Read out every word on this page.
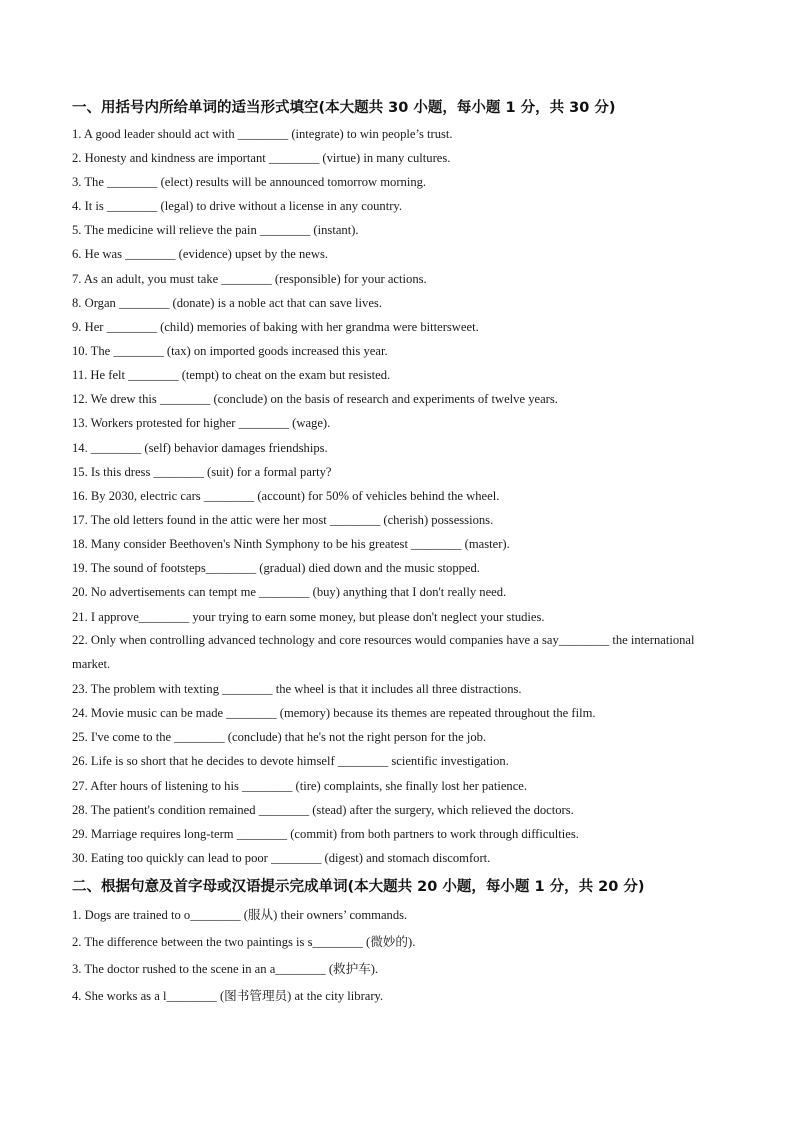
一、用括号内所给单词的适当形式填空(本大题共 30 小题，每小题 1 分，共 30 分)
1. A good leader should act with ________ (integrate) to win people’s trust.
2. Honesty and kindness are important ________ (virtue) in many cultures.
3. The ________ (elect) results will be announced tomorrow morning.
4. It is ________ (legal) to drive without a license in any country.
5. The medicine will relieve the pain ________ (instant).
6. He was ________ (evidence) upset by the news.
7. As an adult, you must take ________ (responsible) for your actions.
8. Organ ________ (donate) is a noble act that can save lives.
9. Her ________ (child) memories of baking with her grandma were bittersweet.
10. The ________ (tax) on imported goods increased this year.
11. He felt ________ (tempt) to cheat on the exam but resisted.
12. We drew this ________ (conclude) on the basis of research and experiments of twelve years.
13. Workers protested for higher ________ (wage).
14. ________ (self) behavior damages friendships.
15. Is this dress ________ (suit) for a formal party?
16. By 2030, electric cars ________ (account) for 50% of vehicles behind the wheel.
17. The old letters found in the attic were her most ________ (cherish) possessions.
18. Many consider Beethoven's Ninth Symphony to be his greatest ________ (master).
19. The sound of footsteps________ (gradual) died down and the music stopped.
20. No advertisements can tempt me ________ (buy) anything that I don't really need.
21. I approve________ your trying to earn some money, but please don't neglect your studies.
22. Only when controlling advanced technology and core resources would companies have a say________ the international market.
23. The problem with texting ________ the wheel is that it includes all three distractions.
24. Movie music can be made ________ (memory) because its themes are repeated throughout the film.
25. I've come to the ________ (conclude) that he's not the right person for the job.
26. Life is so short that he decides to devote himself ________ scientific investigation.
27. After hours of listening to his ________ (tire) complaints, she finally lost her patience.
28. The patient's condition remained ________ (stead) after the surgery, which relieved the doctors.
29. Marriage requires long-term ________ (commit) from both partners to work through difficulties.
30. Eating too quickly can lead to poor ________ (digest) and stomach discomfort.
二、根据句意及首字母或汉语提示完成单词(本大题共 20 小题，每小题 1 分，共 20 分)
1. Dogs are trained to o________ (服从) their owners’ commands.
2. The difference between the two paintings is s________ (微妙的).
3. The doctor rushed to the scene in an a________ (救护车).
4. She works as a l________ (图书管理员) at the city library.
